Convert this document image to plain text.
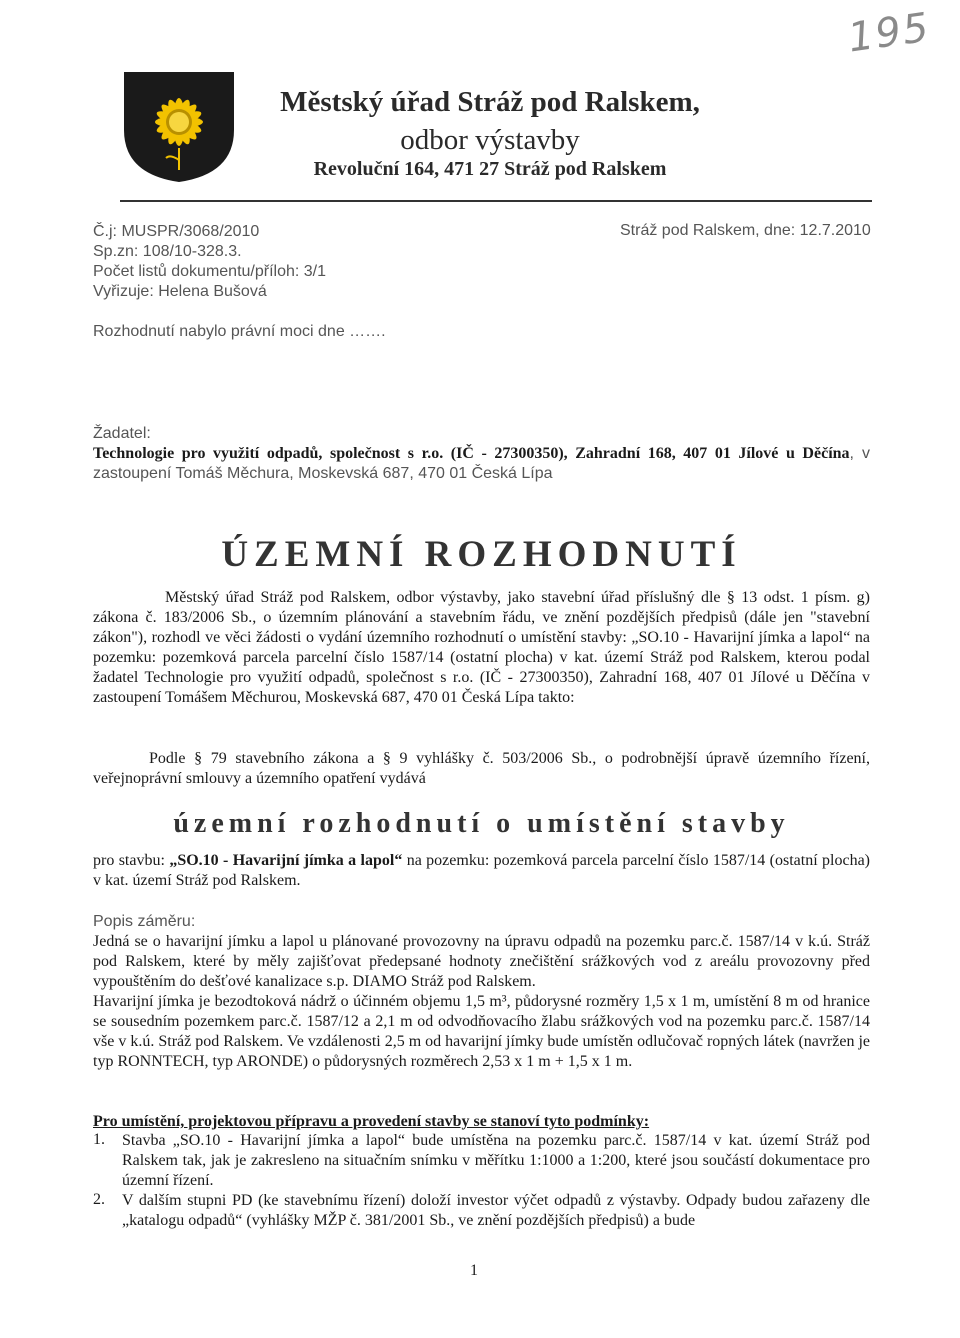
195
Městský úřad Stráž pod Ralskem,
odbor výstavby
Revoluční 164, 471 27 Stráž pod Ralskem
Č.j: MUSPR/3068/2010
Sp.zn: 108/10-328.3.
Počet listů dokumentu/příloh: 3/1
Vyřizuje: Helena Bušová
Stráž pod Ralskem, dne: 12.7.2010
Rozhodnutí nabylo právní moci dne …….
Žadatel:
Technologie pro využití odpadů, společnost s r.o. (IČ - 27300350), Zahradní 168, 407 01 Jílové u Děčína, v zastoupení Tomáš Měchura, Moskevská 687, 470 01 Česká Lípa
ÚZEMNÍ ROZHODNUTÍ
Městský úřad Stráž pod Ralskem, odbor výstavby, jako stavební úřad příslušný dle § 13 odst. 1 písm. g) zákona č. 183/2006 Sb., o územním plánování a stavebním řádu, ve znění pozdějších předpisů (dále jen "stavební zákon"), rozhodl ve věci žádosti o vydání územního rozhodnutí o umístění stavby: „SO.10 - Havarijní jímka a lapol“ na pozemku: pozemková parcela parcelní číslo 1587/14 (ostatní plocha) v kat. území Stráž pod Ralskem, kterou podal žadatel Technologie pro využití odpadů, společnost s r.o. (IČ - 27300350), Zahradní 168, 407 01 Jílové u Děčína v zastoupení Tomášem Měchurou, Moskevská 687, 470 01 Česká Lípa takto:
Podle § 79 stavebního zákona a § 9 vyhlášky č. 503/2006 Sb., o podrobnější úpravě územního řízení, veřejnoprávní smlouvy a územního opatření vydává
územní rozhodnutí o umístění stavby
pro stavbu: „SO.10 - Havarijní jímka a lapol“ na pozemku: pozemková parcela parcelní číslo 1587/14 (ostatní plocha) v kat. území Stráž pod Ralskem.
Popis záměru:
Jedná se o havarijní jímku a lapol u plánované provozovny na úpravu odpadů na pozemku parc.č. 1587/14 v k.ú. Stráž pod Ralskem, které by měly zajišťovat předepsané hodnoty znečištění srážkových vod z areálu provozovny před vypouštěním do dešťové kanalizace s.p. DIAMO Stráž pod Ralskem.
Havarijní jímka je bezodtoková nádrž o účinném objemu 1,5 m³, půdorysné rozměry 1,5 x 1 m, umístění 8 m od hranice se sousedním pozemkem parc.č. 1587/12 a 2,1 m od odvodňovacího žlabu srážkových vod na pozemku parc.č. 1587/14 vše v k.ú. Stráž pod Ralskem. Ve vzdálenosti 2,5 m od havarijní jímky bude umístěn odlučovač ropných látek (navržen je typ RONNTECH, typ ARONDE) o půdorysných rozměrech 2,53 x 1 m + 1,5 x 1 m.
Pro umístění, projektovou přípravu a provedení stavby se stanoví tyto podmínky:
1. Stavba „SO.10 - Havarijní jímka a lapol“ bude umístěna na pozemku parc.č. 1587/14 v kat. území Stráž pod Ralskem tak, jak je zakresleno na situačním snímku v měřítku 1:1000 a 1:200, které jsou součástí dokumentace pro územní řízení.
2. V dalším stupni PD (ke stavebnímu řízení) doloží investor výčet odpadů z výstavby. Odpady budou zařazeny dle „katalogu odpadů“ (vyhlášky MŽP č. 381/2001 Sb., ve znění pozdějších předpisů) a bude
1
